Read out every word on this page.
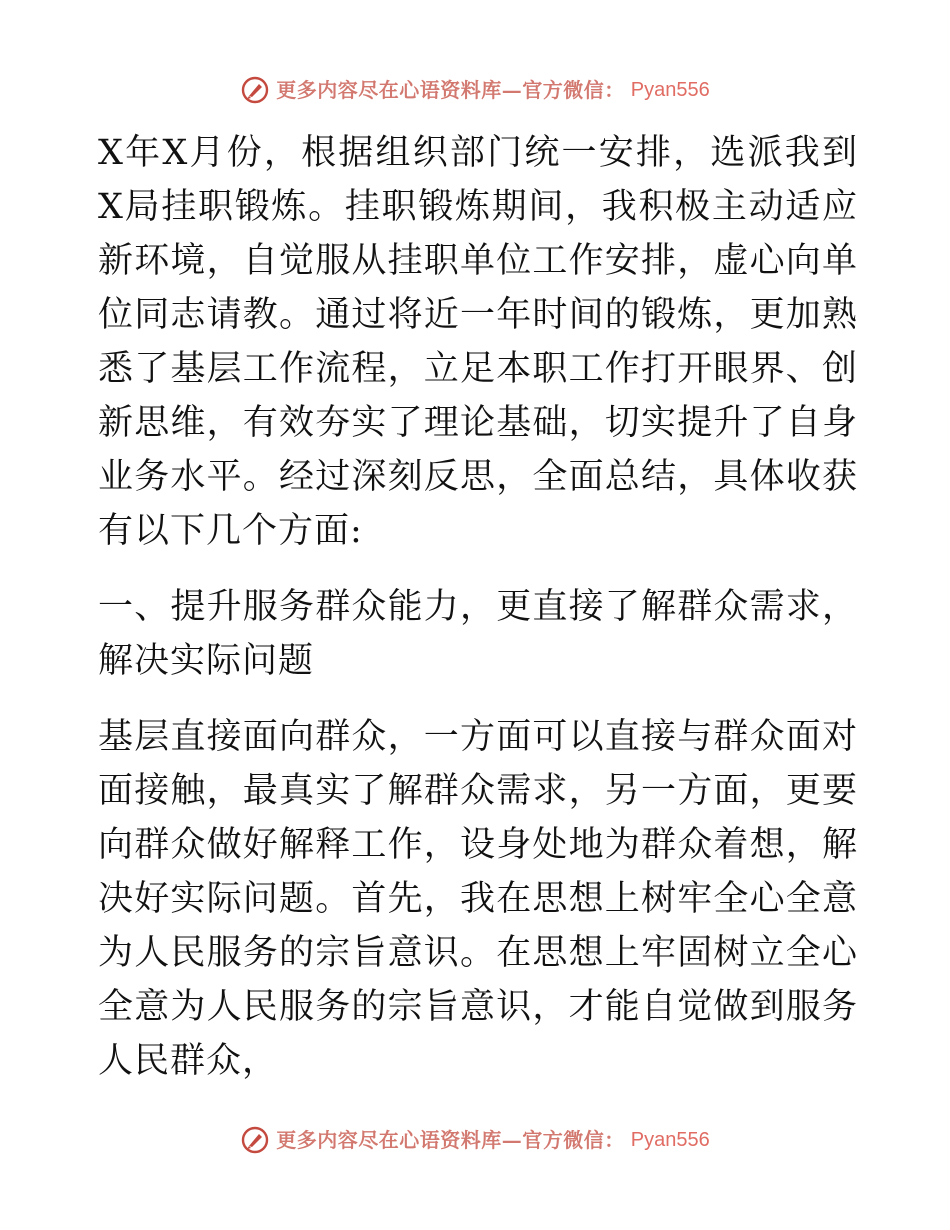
更多内容尽在心语资料库—官方微信： Pyan556

X年X月份，根据组织部门统一安排，选派我到X局挂职锻炼。挂职锻炼期间，我积极主动适应新环境，自觉服从挂职单位工作安排，虚心向单位同志请教。通过将近一年时间的锻炼，更加熟悉了基层工作流程，立足本职工作打开眼界、创新思维，有效夯实了理论基础，切实提升了自身业务水平。经过深刻反思，全面总结，具体收获有以下几个方面:

一、提升服务群众能力，更直接了解群众需求，解决实际问题

基层直接面向群众，一方面可以直接与群众面对面接触，最真实了解群众需求，另一方面，更要向群众做好解释工作，设身处地为群众着想，解决好实际问题。首先，我在思想上树牢全心全意为人民服务的宗旨意识。在思想上牢固树立全心全意为人民服务的宗旨意识，才能自觉做到服务人民群众，

更多内容尽在心语资料库—官方微信： Pyan556
